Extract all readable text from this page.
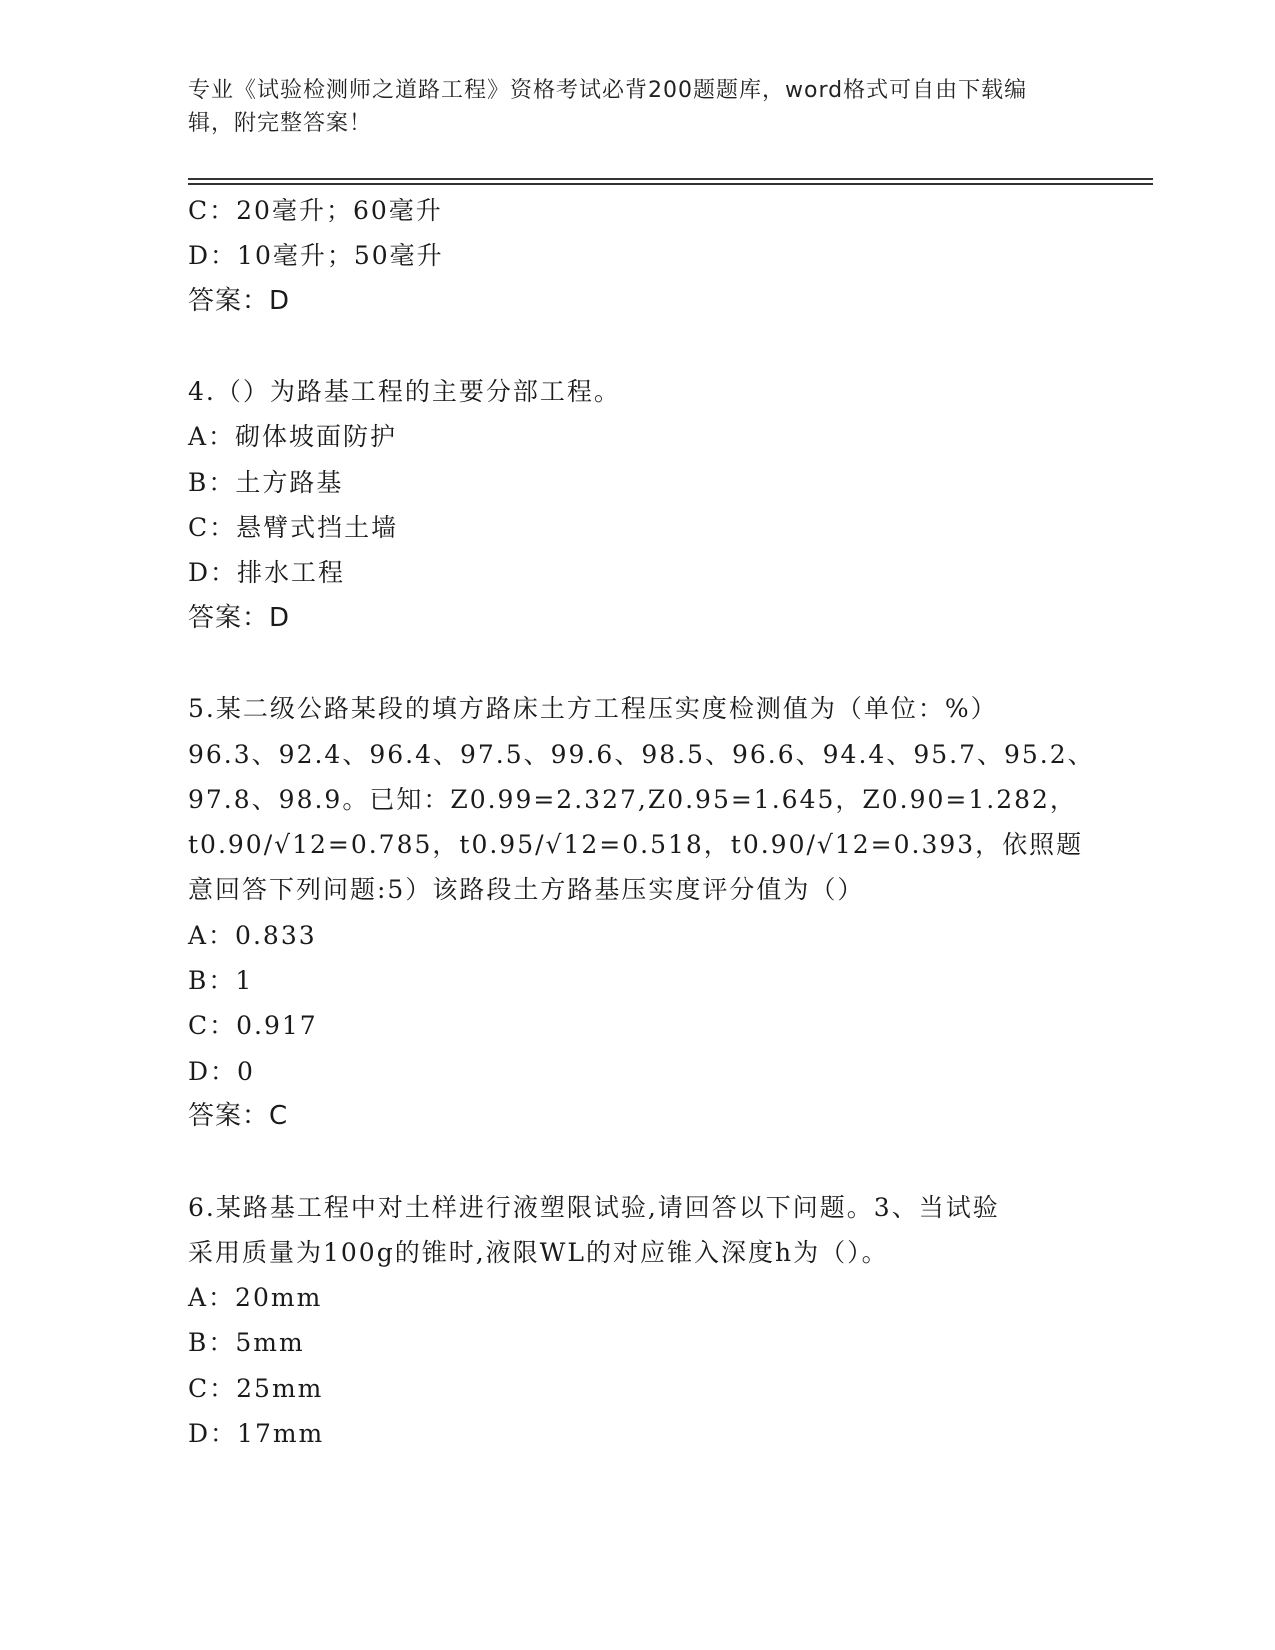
专业《试验检测师之道路工程》资格考试必背200题题库，word格式可自由下载编辑，附完整答案！
C：20毫升；60毫升
D：10毫升；50毫升
答案：D
4.（）为路基工程的主要分部工程。
A：砌体坡面防护
B：土方路基
C：悬臂式挡土墙
D：排水工程
答案：D
5.某二级公路某段的填方路床土方工程压实度检测值为（单位：%）
96.3、92.4、96.4、97.5、99.6、98.5、96.6、94.4、95.7、95.2、
97.8、98.9。已知：Z0.99=2.327,Z0.95=1.645，Z0.90=1.282，
t0.90/√12=0.785，t0.95/√12=0.518，t0.90/√12=0.393，依照题
意回答下列问题:5）该路段土方路基压实度评分值为（）
A：0.833
B：1
C：0.917
D：0
答案：C
6.某路基工程中对土样进行液塑限试验,请回答以下问题。3、当试验
采用质量为100g的锥时,液限WL的对应锥入深度h为（）。
A：20mm
B：5mm
C：25mm
D：17mm
